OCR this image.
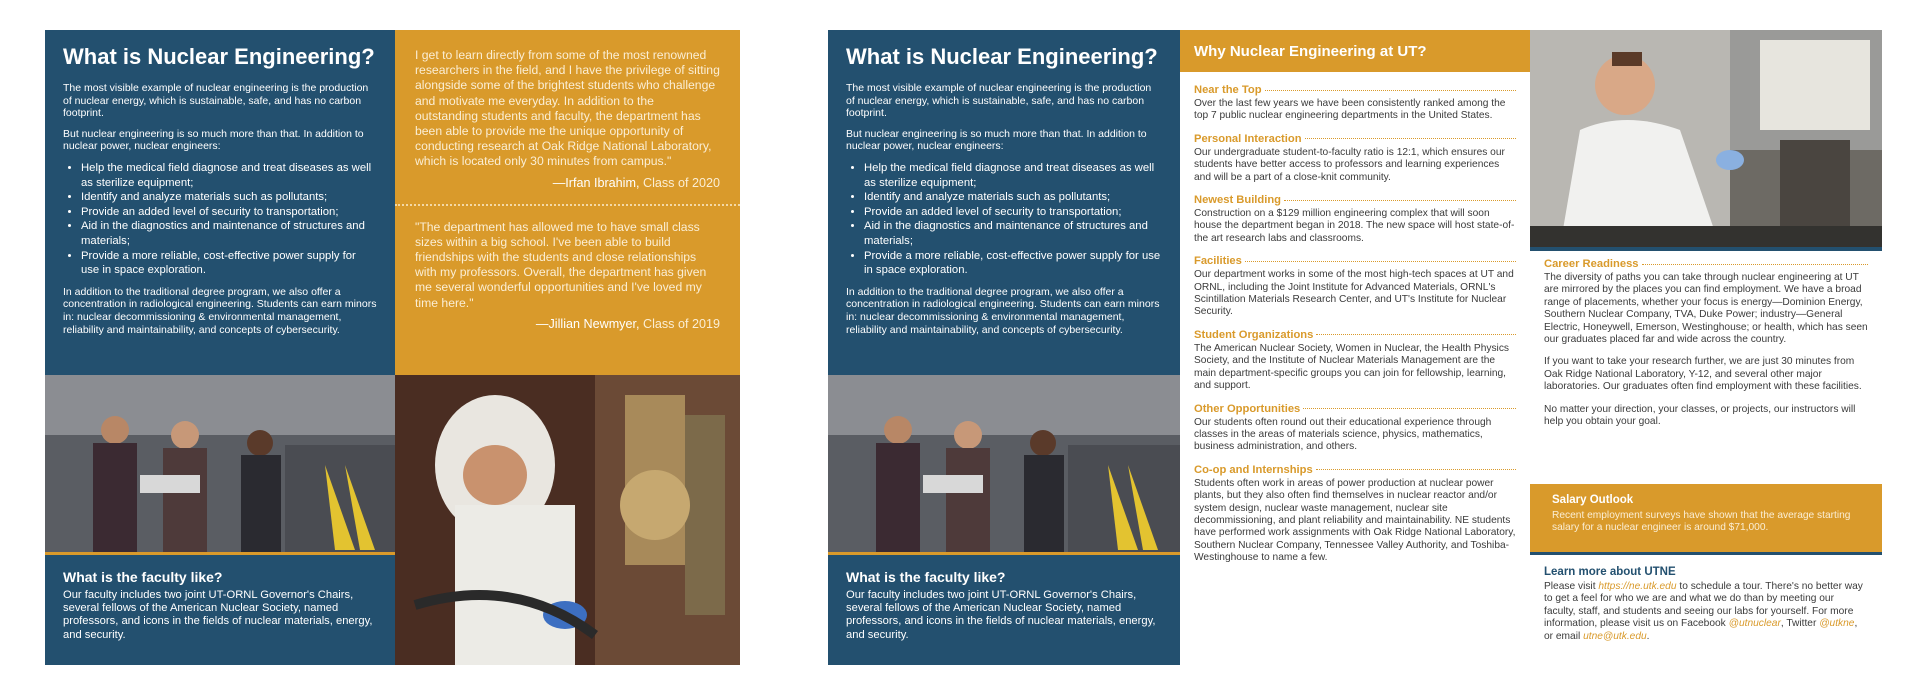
What is Nuclear Engineering?

The most visible example of nuclear engineering is the production of nuclear energy, which is sustainable, safe, and has no carbon footprint.

But nuclear engineering is so much more than that. In addition to nuclear power, nuclear engineers:

• Help the medical field diagnose and treat diseases as well as sterilize equipment;
• Identify and analyze materials such as pollutants;
• Provide an added level of security to transportation;
• Aid in the diagnostics and maintenance of structures and materials;
• Provide a more reliable, cost-effective power supply for use in space exploration.

In addition to the traditional degree program, we also offer a concentration in radiological engineering. Students can earn minors in: nuclear decommissioning & environmental management, reliability and maintainability, and concepts of cybersecurity.

I get to learn directly from some of the most renowned researchers in the field, and I have the privilege of sitting alongside some of the brightest students who challenge and motivate me everyday. In addition to the outstanding students and faculty, the department has been able to provide me the unique opportunity of conducting research at Oak Ridge National Laboratory, which is located only 30 minutes from campus."
—Irfan Ibrahim, Class of 2020
"The department has allowed me to have small class sizes within a big school. I've been able to build friendships with the students and close relationships with my professors. Overall, the department has given me several wonderful opportunities and I've loved my time here."
—Jillian Newmyer, Class of 2019
What is the faculty like?

Our faculty includes two joint UT-ORNL Governor's Chairs, several fellows of the American Nuclear Society, named professors, and icons in the fields of nuclear materials, energy, and security.

What is Nuclear Engineering?

The most visible example of nuclear engineering is the production of nuclear energy, which is sustainable, safe, and has no carbon footprint.

But nuclear engineering is so much more than that. In addition to nuclear power, nuclear engineers:

• Help the medical field diagnose and treat diseases as well as sterilize equipment;
• Identify and analyze materials such as pollutants;
• Provide an added level of security to transportation;
• Aid in the diagnostics and maintenance of structures and materials;
• Provide a more reliable, cost-effective power supply for use in space exploration.

In addition to the traditional degree program, we also offer a concentration in radiological engineering. Students can earn minors in: nuclear decommissioning & environmental management, reliability and maintainability, and concepts of cybersecurity.

What is the faculty like?

Our faculty includes two joint UT-ORNL Governor's Chairs, several fellows of the American Nuclear Society, named professors, and icons in the fields of nuclear materials, energy, and security.

Why Nuclear Engineering at UT?
Near the Top
Over the last few years we have been consistently ranked among the top 7 public nuclear engineering departments in the United States.
Personal Interaction
Our undergraduate student-to-faculty ratio is 12:1, which ensures our students have better access to professors and learning experiences and will be a part of a close-knit community.
Newest Building
Construction on a $129 million engineering complex that will soon house the department began in 2018. The new space will host state-of-the art research labs and classrooms.
Facilities
Our department works in some of the most high-tech spaces at UT and ORNL, including the Joint Institute for Advanced Materials, ORNL's Scintillation Materials Research Center, and UT's Institute for Nuclear Security.
Student Organizations
The American Nuclear Society, Women in Nuclear, the Health Physics Society, and the Institute of Nuclear Materials Management are the main department-specific groups you can join for fellowship, learning, and support.
Other Opportunities
Our students often round out their educational experience through classes in the areas of materials science, physics, mathematics, business administration, and others.
Co-op and Internships
Students often work in areas of power production at nuclear power plants, but they also often find themselves in nuclear reactor and/or system design, nuclear waste management, nuclear site decommissioning, and plant reliability and maintainability. NE students have performed work assignments with Oak Ridge National Laboratory, Southern Nuclear Company, Tennessee Valley Authority, and Toshiba-Westinghouse to name a few.
Career Readiness
The diversity of paths you can take through nuclear engineering at UT are mirrored by the places you can find employment. We have a broad range of placements, whether your focus is energy—Dominion Energy, Southern Nuclear Company, TVA, Duke Power; industry—General Electric, Honeywell, Emerson, Westinghouse; or health, which has seen our graduates placed far and wide across the country.
If you want to take your research further, we are just 30 minutes from Oak Ridge National Laboratory, Y-12, and several other major laboratories. Our graduates often find employment with these facilities.
No matter your direction, your classes, or projects, our instructors will help you obtain your goal.
Salary Outlook
Recent employment surveys have shown that the average starting salary for a nuclear engineer is around $71,000.
Learn more about UTNE
Please visit https://ne.utk.edu to schedule a tour. There's no better way to get a feel for who we are and what we do than by meeting our faculty, staff, and students and seeing our labs for yourself. For more information, please visit us on Facebook @utnuclear, Twitter @utkne, or email utne@utk.edu.
